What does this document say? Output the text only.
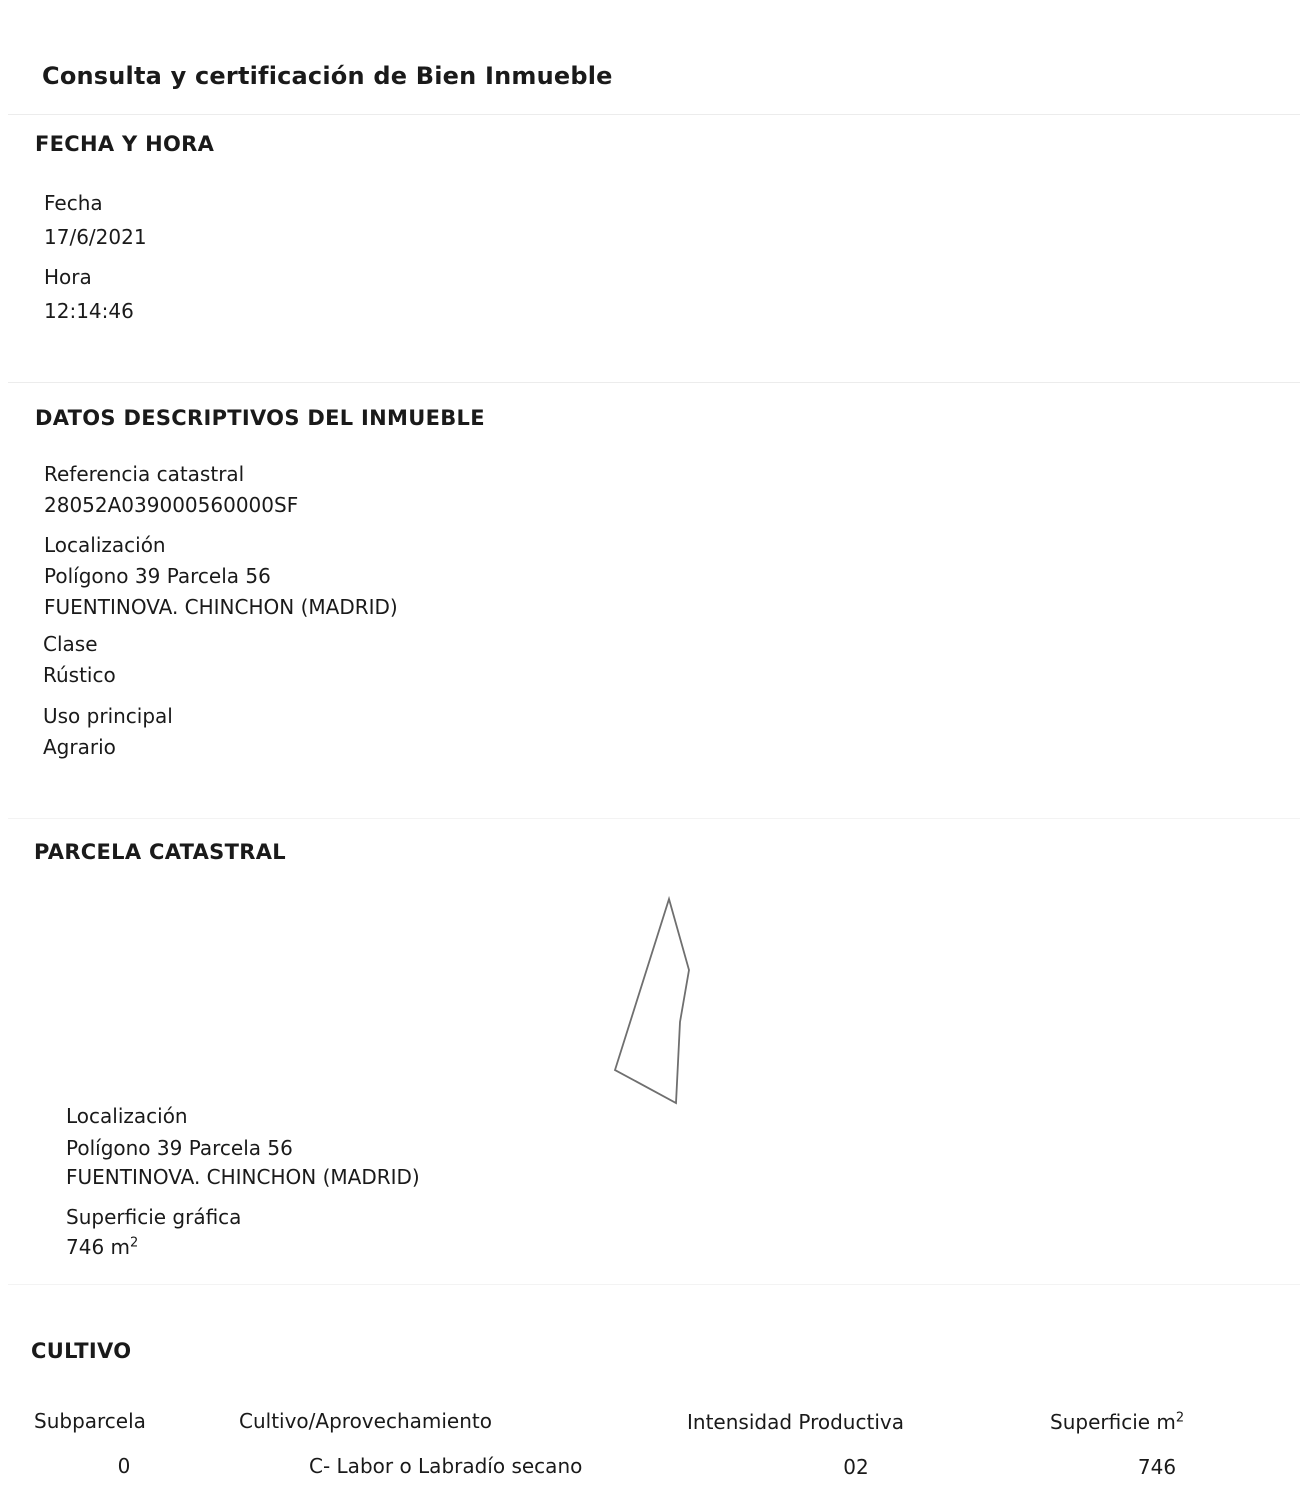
Consulta y certificación de Bien Inmueble
FECHA Y HORA
Fecha
17/6/2021
Hora
12:14:46
DATOS DESCRIPTIVOS DEL INMUEBLE
Referencia catastral
28052A039000560000SF
Localización
Polígono 39 Parcela 56
FUENTINOVA. CHINCHON (MADRID)
Clase
Rústico
Uso principal
Agrario
PARCELA CATASTRAL
Localización
Polígono 39 Parcela 56
FUENTINOVA. CHINCHON (MADRID)
Superficie gráfica
746 $m^2$
CULTIVO
Subparcela	Cultivo/Aprovechamiento	Intensidad Productiva	Superficie $m^2$
0	C- Labor o Labradío secano	02	746
